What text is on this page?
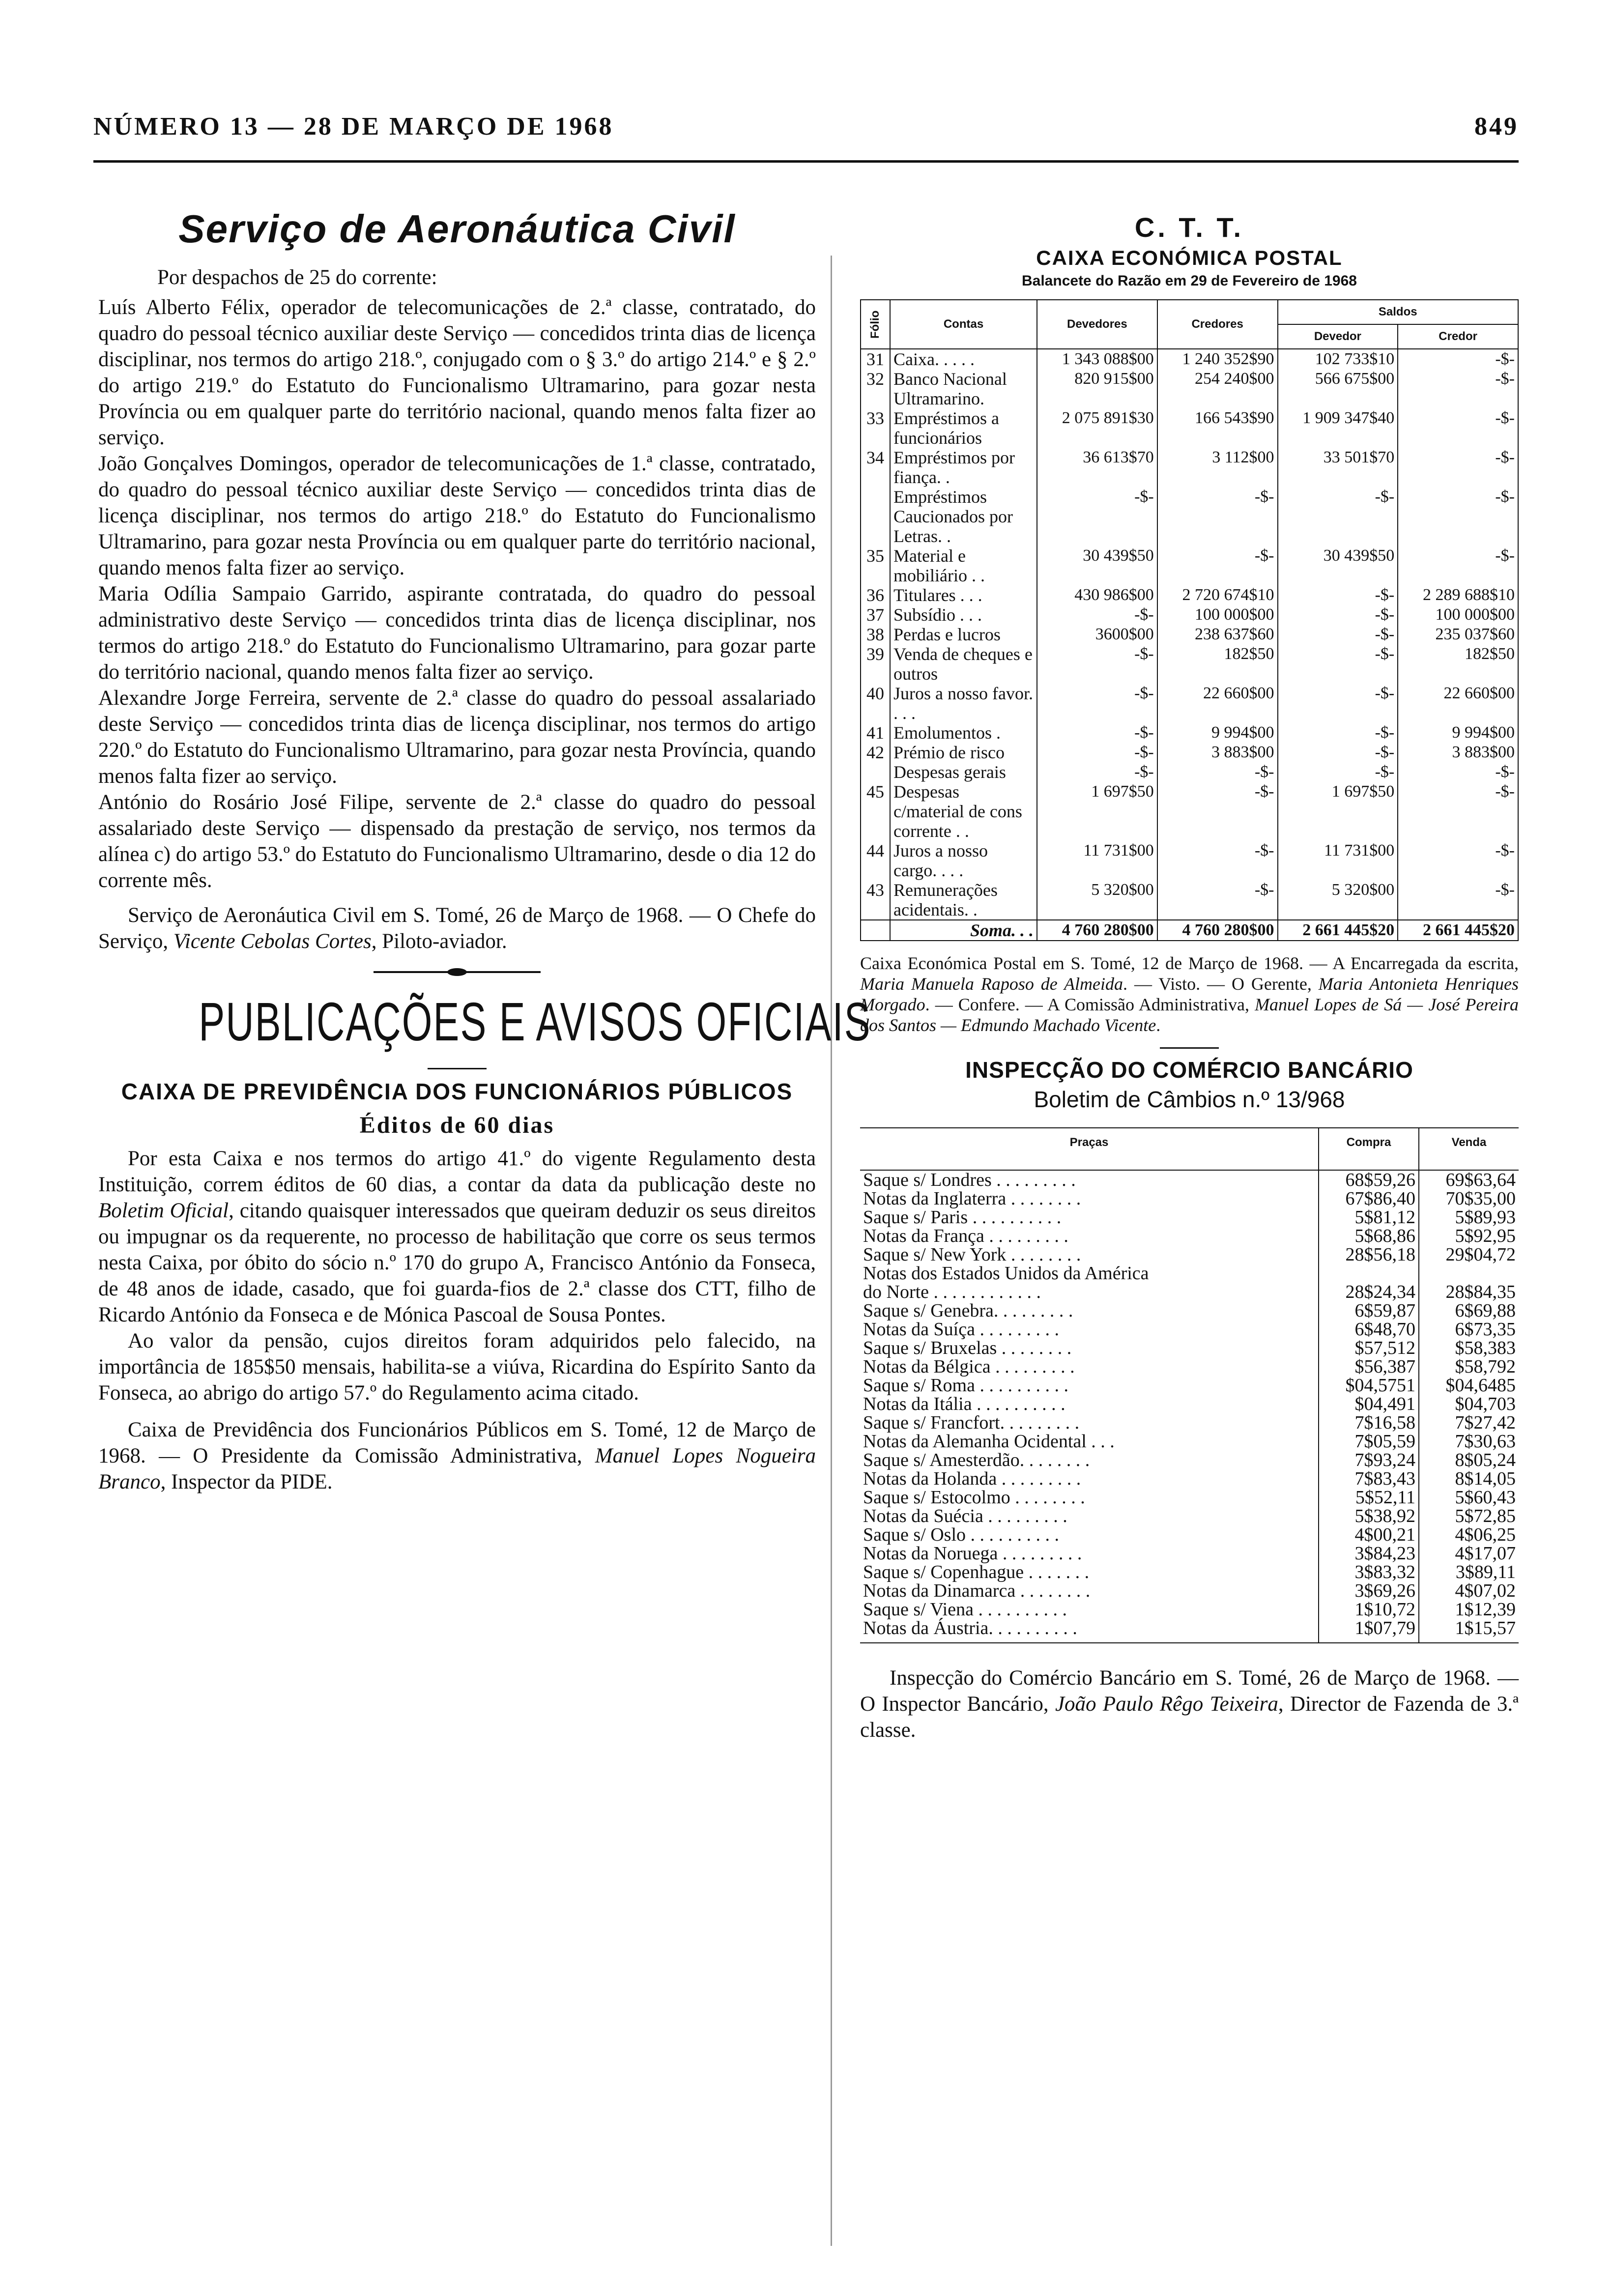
NÚMERO 13 — 28 DE MARÇO DE 1968	849
Serviço de Aeronáutica Civil

Por despachos de 25 do corrente:

Luís Alberto Félix, operador de telecomunicações de 2.ª classe, contratado, do quadro do pessoal técnico auxiliar deste Serviço — concedidos trinta dias de licença disciplinar, nos termos do artigo 218.º, conjugado com o § 3.º do artigo 214.º e § 2.º do artigo 219.º do Estatuto do Funcionalismo Ultramarino, para gozar nesta Província ou em qualquer parte do território nacional, quando menos falta fizer ao serviço.

João Gonçalves Domingos, operador de telecomunicações de 1.ª classe, contratado, do quadro do pessoal técnico auxiliar deste Serviço — concedidos trinta dias de licença disciplinar, nos termos do artigo 218.º do Estatuto do Funcionalismo Ultramarino, para gozar nesta Província ou em qualquer parte do território nacional, quando menos falta fizer ao serviço.

Maria Odília Sampaio Garrido, aspirante contratada, do quadro do pessoal administrativo deste Serviço — concedidos trinta dias de licença disciplinar, nos termos do artigo 218.º do Estatuto do Funcionalismo Ultramarino, para gozar parte do território nacional, quando menos falta fizer ao serviço.

Alexandre Jorge Ferreira, servente de 2.ª classe do quadro do pessoal assalariado deste Serviço — concedidos trinta dias de licença disciplinar, nos termos do artigo 220.º do Estatuto do Funcionalismo Ultramarino, para gozar nesta Província, quando menos falta fizer ao serviço.

António do Rosário José Filipe, servente de 2.ª classe do quadro do pessoal assalariado deste Serviço — dispensado da prestação de serviço, nos termos da alínea c) do artigo 53.º do Estatuto do Funcionalismo Ultramarino, desde o dia 12 do corrente mês.

Serviço de Aeronáutica Civil em S. Tomé, 26 de Março de 1968. — O Chefe do Serviço, Vicente Cebolas Cortes, Piloto-aviador.

PUBLICAÇÕES E AVISOS OFICIAIS
CAIXA DE PREVIDÊNCIA DOS FUNCIONÁRIOS PÚBLICOS
Éditos de 60 dias

Por esta Caixa e nos termos do artigo 41.º do vigente Regulamento desta Instituição, correm éditos de 60 dias, a contar da data da publicação deste no Boletim Oficial, citando quaisquer interessados que queiram deduzir os seus direitos ou impugnar os da requerente, no processo de habilitação que corre os seus termos nesta Caixa, por óbito do sócio n.º 170 do grupo A, Francisco António da Fonseca, de 48 anos de idade, casado, que foi guarda-fios de 2.ª classe dos CTT, filho de Ricardo António da Fonseca e de Mónica Pascoal de Sousa Pontes.

Ao valor da pensão, cujos direitos foram adquiridos pelo falecido, na importância de 185$50 mensais, habilita-se a viúva, Ricardina do Espírito Santo da Fonseca, ao abrigo do artigo 57.º do Regulamento acima citado.

Caixa de Previdência dos Funcionários Públicos em S. Tomé, 12 de Março de 1968. — O Presidente da Comissão Administrativa, Manuel Lopes Nogueira Branco, Inspector da PIDE.

C. T. T.
CAIXA ECONÓMICA POSTAL
Balancete do Razão em 29 de Fevereiro de 1968
Fólio	Contas	Devedores	Credores	Saldos	
				Devedor	Credor
31	Caixa. . . . .	1 343 088$00	1 240 352$90	102 733$10	-$-
32	Banco Nacional Ultramarino.	820 915$00	254 240$00	566 675$00	-$-
33	Empréstimos a funcionários	2 075 891$30	166 543$90	1 909 347$40	-$-
34	Empréstimos por fiança. .	36 613$70	3 112$00	33 501$70	-$-
	Empréstimos Caucionados por Letras. .	-$-	-$-	-$-	-$-
35	Material e mobiliário . .	30 439$50	-$-	30 439$50	-$-
36	Titulares . . .	430 986$00	2 720 674$10	-$-	2 289 688$10
37	Subsídio . . .	-$-	100 000$00	-$-	100 000$00
38	Perdas e lucros	3600$00	238 637$60	-$-	235 037$60
39	Venda de cheques e outros	-$-	182$50	-$-	182$50
40	Juros a nosso favor. . . .	-$-	22 660$00	-$-	22 660$00
41	Emolumentos .	-$-	9 994$00	-$-	9 994$00
42	Prémio de risco	-$-	3 883$00	-$-	3 883$00
	Despesas gerais	-$-	-$-	-$-	-$-
45	Despesas c/material de cons corrente . .	1 697$50	-$-	1 697$50	-$-
44	Juros a nosso cargo. . . .	11 731$00	-$-	11 731$00	-$-
43	Remunerações acidentais. .	5 320$00	-$-	5 320$00	-$-
	Soma. . .	4 760 280$00	4 760 280$00	2 661 445$20	2 661 445$20

Caixa Económica Postal em S. Tomé, 12 de Março de 1968. — A Encarregada da escrita, Maria Manuela Raposo de Almeida. — Visto. — O Gerente, Maria Antonieta Henriques Morgado. — Confere. — A Comissão Administrativa, Manuel Lopes de Sá — José Pereira dos Santos — Edmundo Machado Vicente.

INSPECÇÃO DO COMÉRCIO BANCÁRIO
Boletim de Câmbios n.º 13/968
Praças	Compra	Venda
Saque s/ Londres . . . . . . . . .	68$59,26	69$63,64
Notas da Inglaterra . . . . . . . .	67$86,40	70$35,00
Saque s/ Paris . . . . . . . . . .	5$81,12	5$89,93
Notas da França . . . . . . . . .	5$68,86	5$92,95
Saque s/ New York . . . . . . . .	28$56,18	29$04,72
Notas dos Estados Unidos da América		
do Norte . . . . . . . . . . . .	28$24,34	28$84,35
Saque s/ Genebra. . . . . . . . .	6$59,87	6$69,88
Notas da Suíça . . . . . . . . .	6$48,70	6$73,35
Saque s/ Bruxelas . . . . . . . .	$57,512	$58,383
Notas da Bélgica . . . . . . . . .	$56,387	$58,792
Saque s/ Roma . . . . . . . . . .	$04,5751	$04,6485
Notas da Itália . . . . . . . . . .	$04,491	$04,703
Saque s/ Francfort. . . . . . . . .	7$16,58	7$27,42
Notas da Alemanha Ocidental . . .	7$05,59	7$30,63
Saque s/ Amesterdão. . . . . . . .	7$93,24	8$05,24
Notas da Holanda . . . . . . . . .	7$83,43	8$14,05
Saque s/ Estocolmo . . . . . . . .	5$52,11	5$60,43
Notas da Suécia . . . . . . . . .	5$38,92	5$72,85
Saque s/ Oslo . . . . . . . . . .	4$00,21	4$06,25
Notas da Noruega . . . . . . . . .	3$84,23	4$17,07
Saque s/ Copenhague . . . . . . .	3$83,32	3$89,11
Notas da Dinamarca . . . . . . . .	3$69,26	4$07,02
Saque s/ Viena . . . . . . . . . .	1$10,72	1$12,39
Notas da Áustria. . . . . . . . . .	1$07,79	1$15,57

Inspecção do Comércio Bancário em S. Tomé, 26 de Março de 1968. — O Inspector Bancário, João Paulo Rêgo Teixeira, Director de Fazenda de 3.ª classe.
